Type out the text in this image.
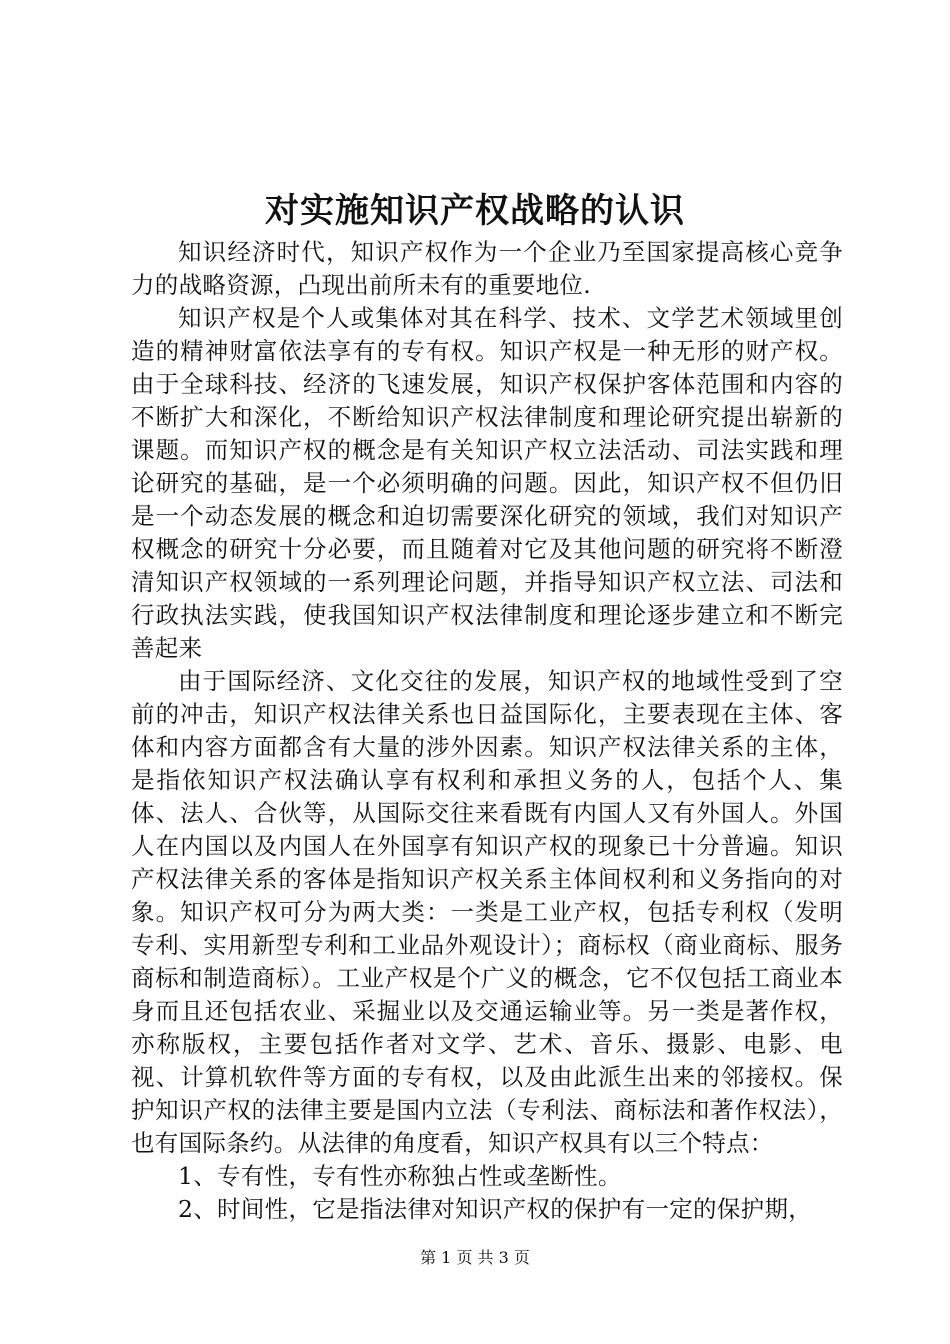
对实施知识产权战略的认识

知识经济时代，知识产权作为一个企业乃至国家提高核心竞争力的战略资源，凸现出前所未有的重要地位.

知识产权是个人或集体对其在科学、技术、文学艺术领域里创造的精神财富依法享有的专有权。知识产权是一种无形的财产权。由于全球科技、经济的飞速发展，知识产权保护客体范围和内容的不断扩大和深化，不断给知识产权法律制度和理论研究提出崭新的课题。而知识产权的概念是有关知识产权立法活动、司法实践和理论研究的基础，是一个必须明确的问题。因此，知识产权不但仍旧是一个动态发展的概念和迫切需要深化研究的领域，我们对知识产权概念的研究十分必要，而且随着对它及其他问题的研究将不断澄清知识产权领域的一系列理论问题，并指导知识产权立法、司法和行政执法实践，使我国知识产权法律制度和理论逐步建立和不断完善起来

由于国际经济、文化交往的发展，知识产权的地域性受到了空前的冲击，知识产权法律关系也日益国际化，主要表现在主体、客体和内容方面都含有大量的涉外因素。知识产权法律关系的主体，是指依知识产权法确认享有权利和承担义务的人，包括个人、集体、法人、合伙等，从国际交往来看既有内国人又有外国人。外国人在内国以及内国人在外国享有知识产权的现象已十分普遍。知识产权法律关系的客体是指知识产权关系主体间权利和义务指向的对象。知识产权可分为两大类：一类是工业产权，包括专利权（发明专利、实用新型专利和工业品外观设计）；商标权（商业商标、服务商标和制造商标）。工业产权是个广义的概念，它不仅包括工商业本身而且还包括农业、采掘业以及交通运输业等。另一类是著作权，亦称版权，主要包括作者对文学、艺术、音乐、摄影、电影、电视、计算机软件等方面的专有权，以及由此派生出来的邻接权。保护知识产权的法律主要是国内立法（专利法、商标法和著作权法），也有国际条约。从法律的角度看，知识产权具有以三个特点：

1、专有性，专有性亦称独占性或垄断性。

2、时间性，它是指法律对知识产权的保护有一定的保护期，

第 1 页 共 3 页
